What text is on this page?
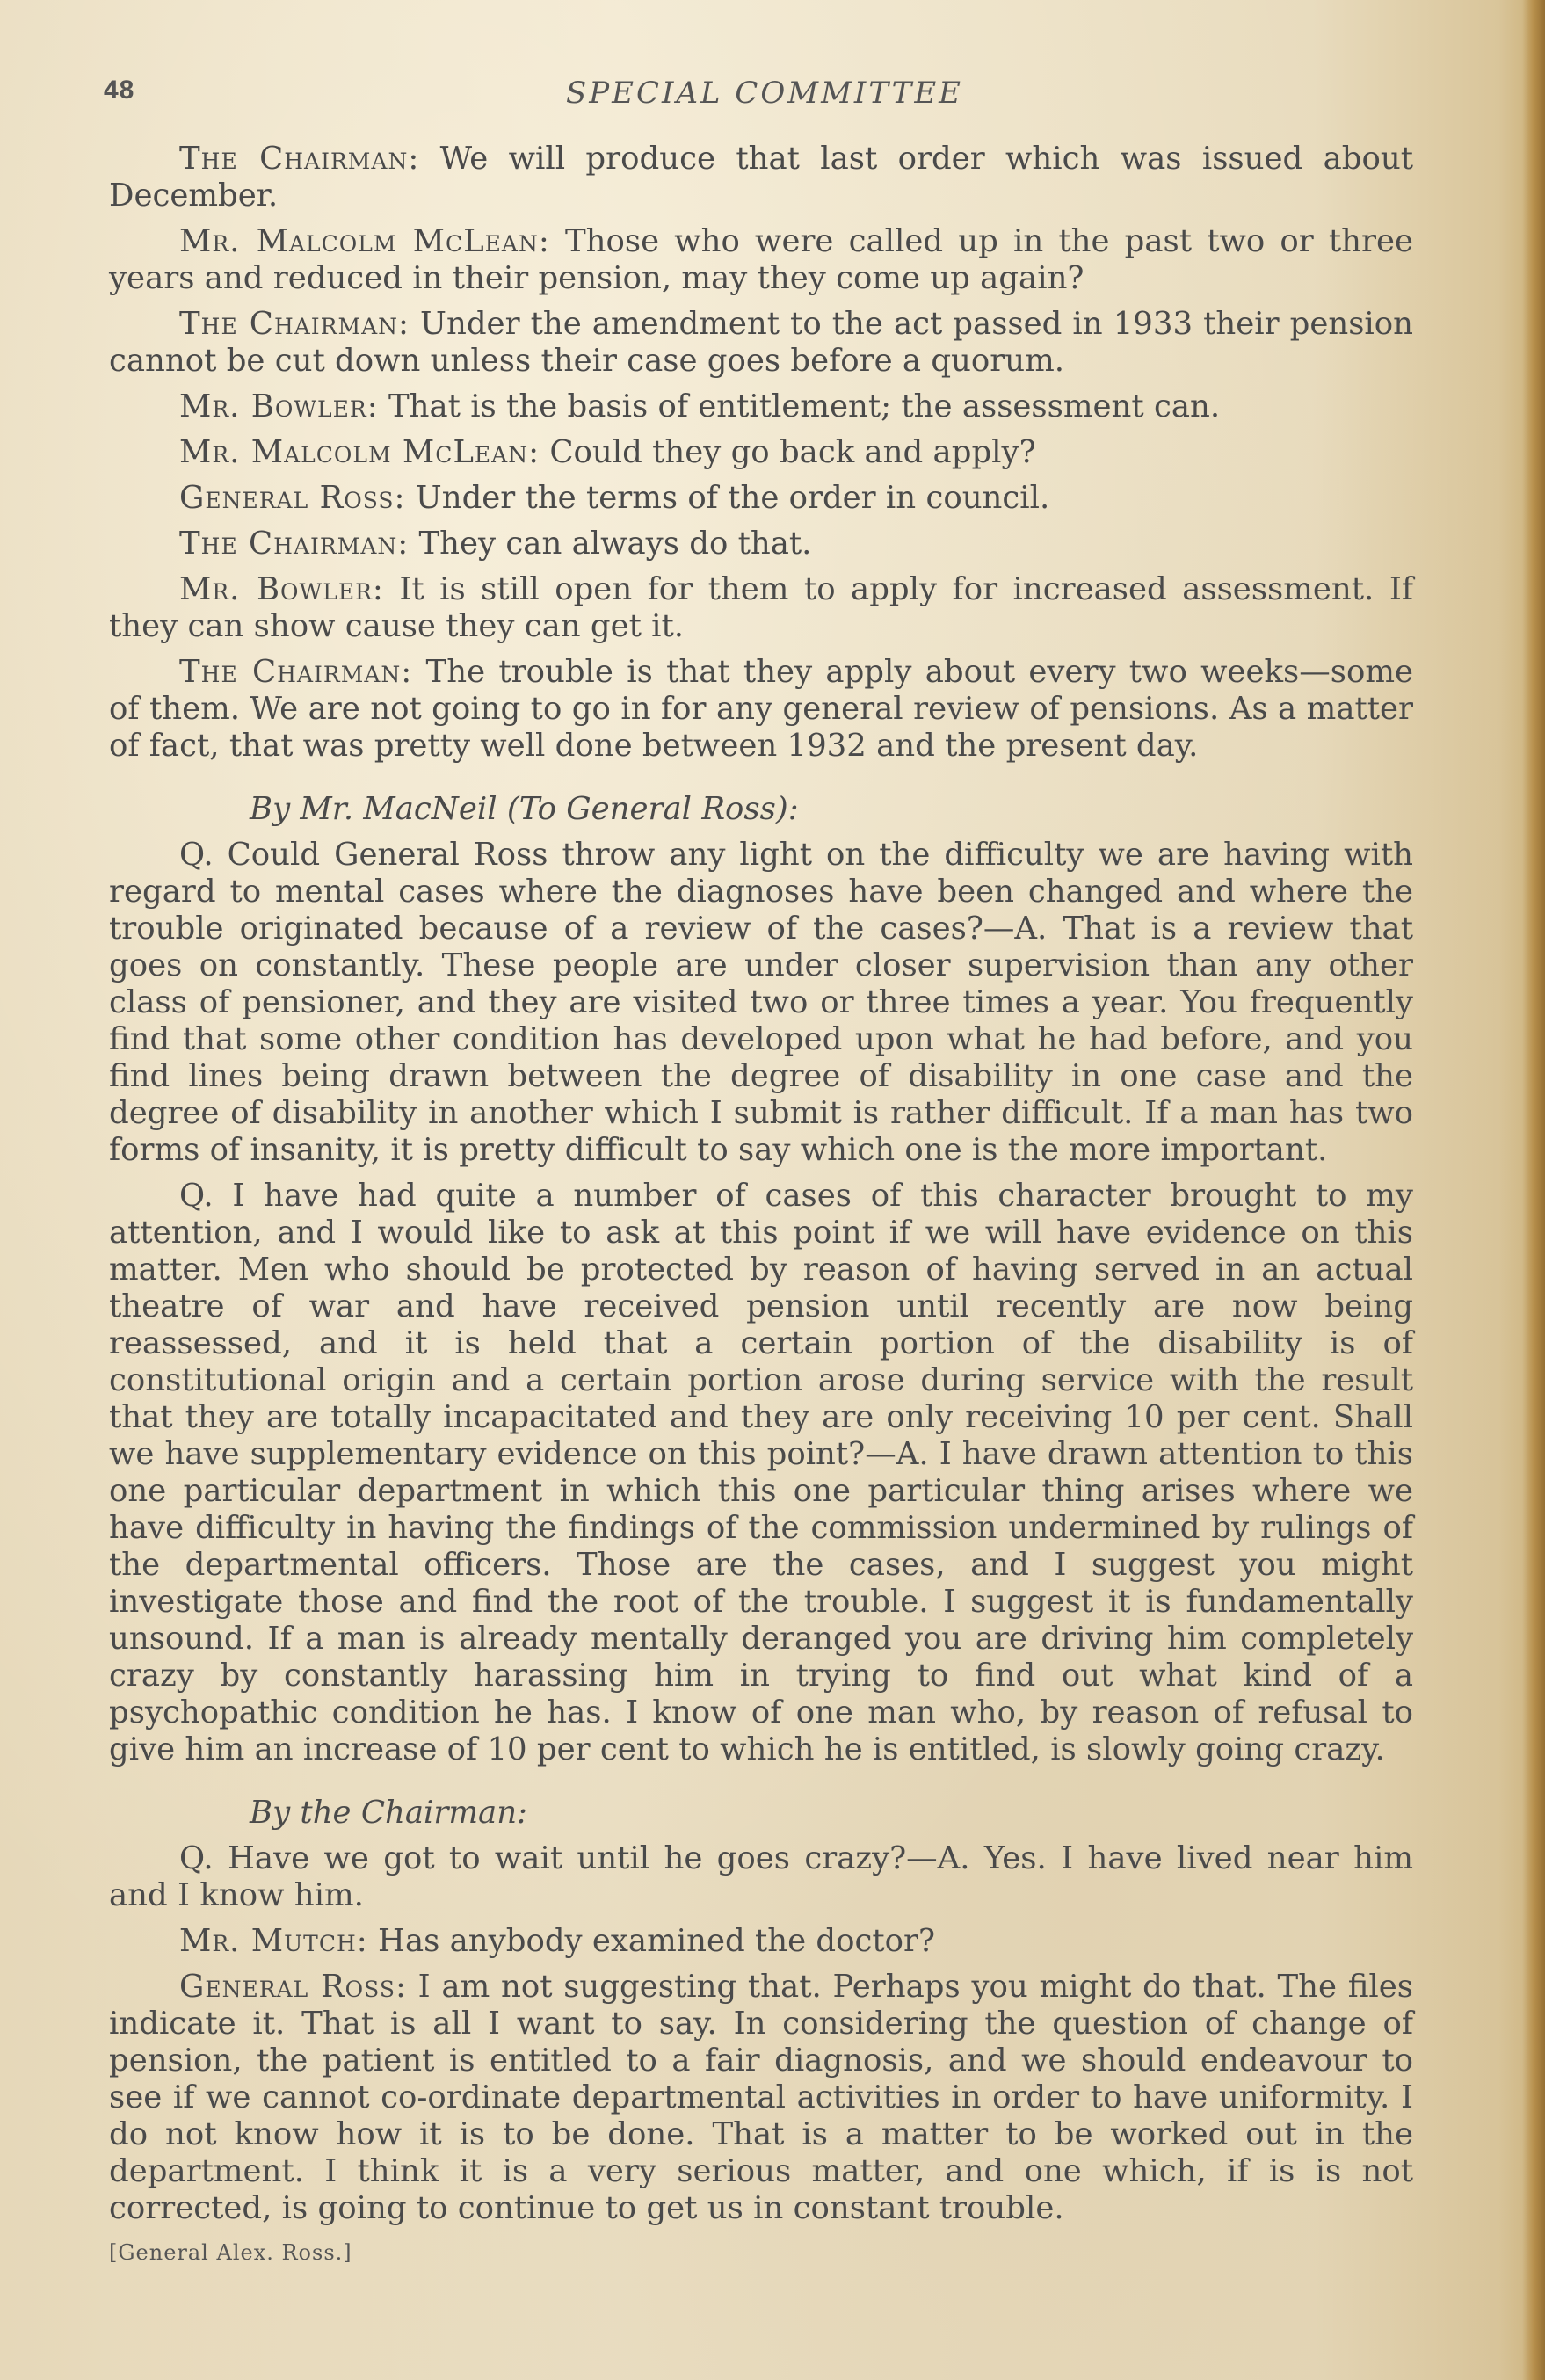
48	SPECIAL COMMITTEE

The Chairman: We will produce that last order which was issued about December.

Mr. Malcolm McLean: Those who were called up in the past two or three years and reduced in their pension, may they come up again?

The Chairman: Under the amendment to the act passed in 1933 their pension cannot be cut down unless their case goes before a quorum.

Mr. Bowler: That is the basis of entitlement; the assessment can.

Mr. Malcolm McLean: Could they go back and apply?

General Ross: Under the terms of the order in council.

The Chairman: They can always do that.

Mr. Bowler: It is still open for them to apply for increased assessment. If they can show cause they can get it.

The Chairman: The trouble is that they apply about every two weeks—some of them. We are not going to go in for any general review of pensions. As a matter of fact, that was pretty well done between 1932 and the present day.

By Mr. MacNeil (To General Ross):

Q. Could General Ross throw any light on the difficulty we are having with regard to mental cases where the diagnoses have been changed and where the trouble originated because of a review of the cases?—A. That is a review that goes on constantly. These people are under closer supervision than any other class of pensioner, and they are visited two or three times a year. You frequently find that some other condition has developed upon what he had before, and you find lines being drawn between the degree of disability in one case and the degree of disability in another which I submit is rather difficult. If a man has two forms of insanity, it is pretty difficult to say which one is the more important.

Q. I have had quite a number of cases of this character brought to my attention, and I would like to ask at this point if we will have evidence on this matter. Men who should be protected by reason of having served in an actual theatre of war and have received pension until recently are now being reassessed, and it is held that a certain portion of the disability is of constitutional origin and a certain portion arose during service with the result that they are totally incapacitated and they are only receiving 10 per cent. Shall we have supplementary evidence on this point?—A. I have drawn attention to this one particular department in which this one particular thing arises where we have difficulty in having the findings of the commission undermined by rulings of the departmental officers. Those are the cases, and I suggest you might investigate those and find the root of the trouble. I suggest it is fundamentally unsound. If a man is already mentally deranged you are driving him completely crazy by constantly harassing him in trying to find out what kind of a psychopathic condition he has. I know of one man who, by reason of refusal to give him an increase of 10 per cent to which he is entitled, is slowly going crazy.

By the Chairman:

Q. Have we got to wait until he goes crazy?—A. Yes. I have lived near him and I know him.

Mr. Mutch: Has anybody examined the doctor?

General Ross: I am not suggesting that. Perhaps you might do that. The files indicate it. That is all I want to say. In considering the question of change of pension, the patient is entitled to a fair diagnosis, and we should endeavour to see if we cannot co-ordinate departmental activities in order to have uniformity. I do not know how it is to be done. That is a matter to be worked out in the department. I think it is a very serious matter, and one which, if is is not corrected, is going to continue to get us in constant trouble.

[General Alex. Ross.]
